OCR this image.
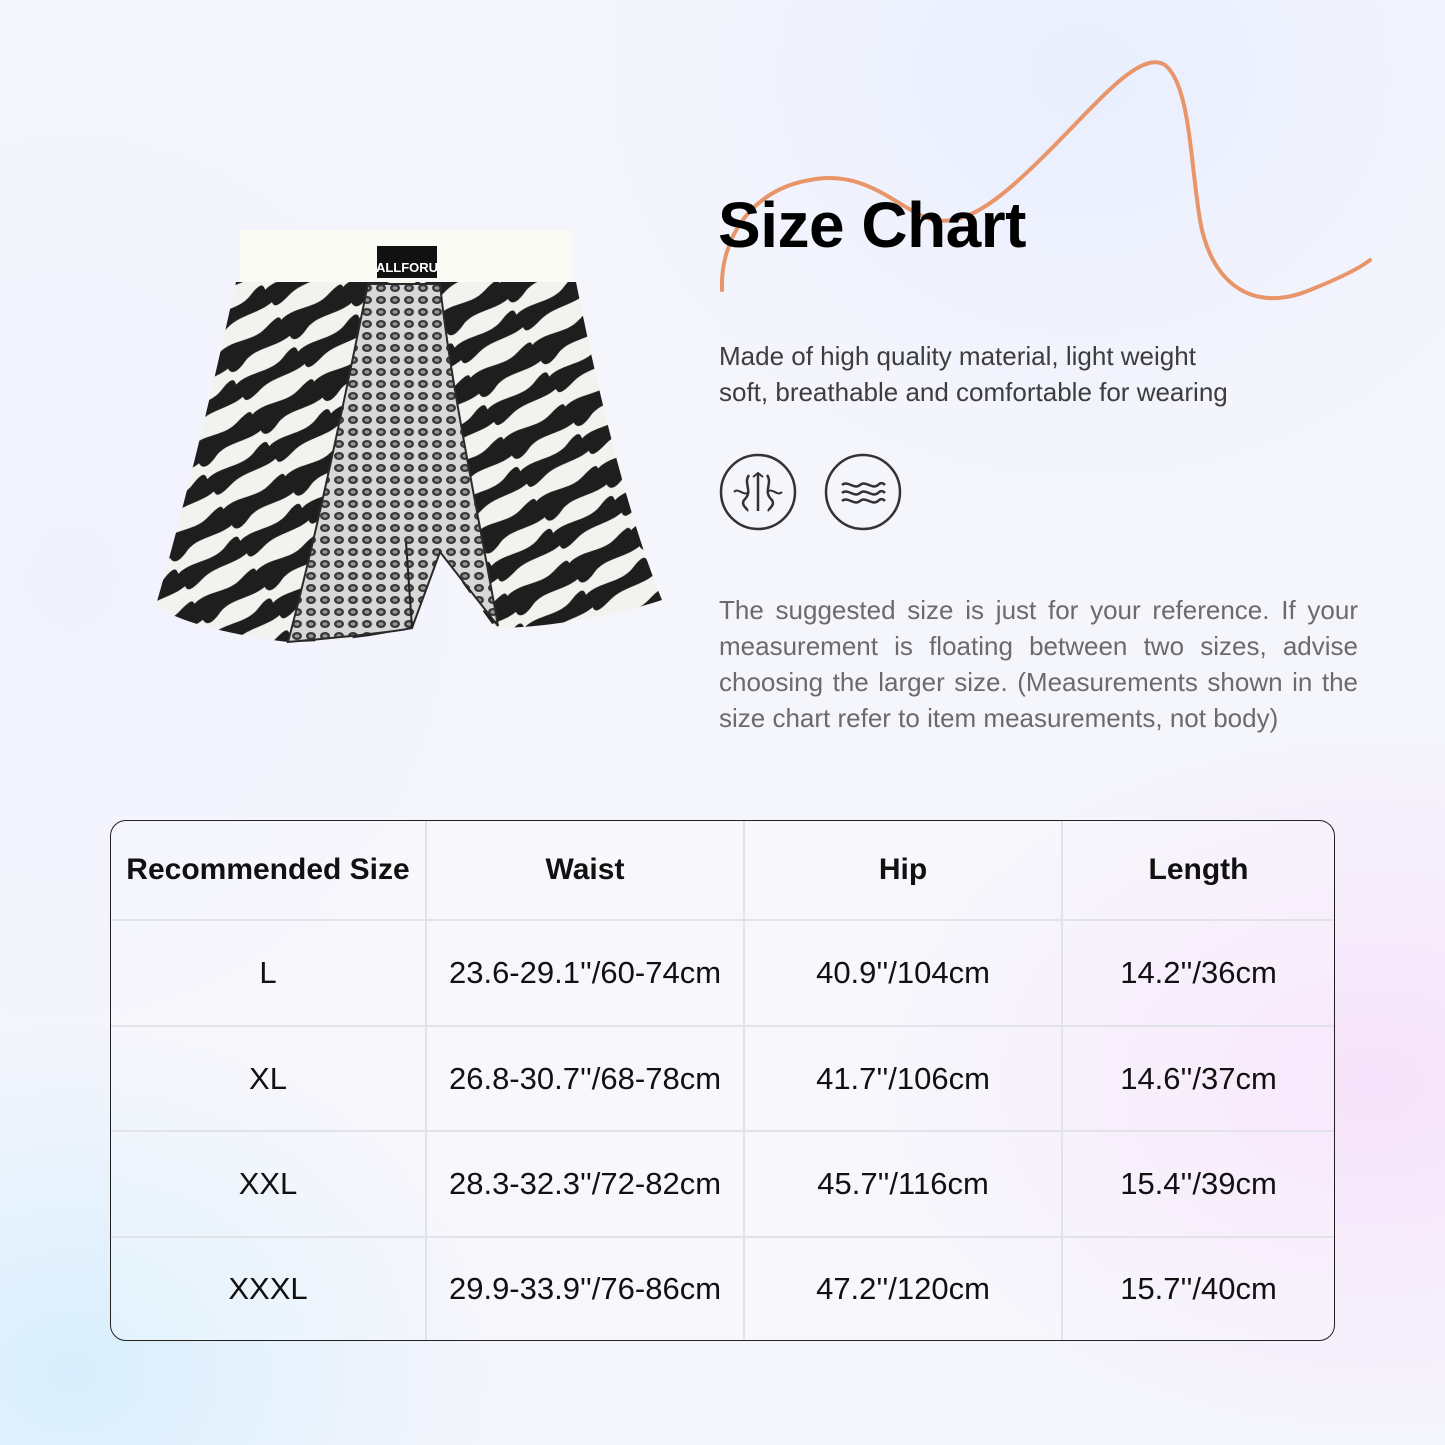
ALLFORU
Size Chart
Made of high quality material, light weight
soft, breathable and comfortable for wearing
The suggested size is just for your reference. If your measurement is floating between two sizes, advise choosing the larger size. (Measurements shown in the size chart refer to item measurements, not body)
Recommended Size	Waist	Hip	Length
L	23.6-29.1''/60-74cm	40.9''/104cm	14.2''/36cm
XL	26.8-30.7''/68-78cm	41.7''/106cm	14.6''/37cm
XXL	28.3-32.3''/72-82cm	45.7''/116cm	15.4''/39cm
XXXL	29.9-33.9''/76-86cm	47.2''/120cm	15.7''/40cm
